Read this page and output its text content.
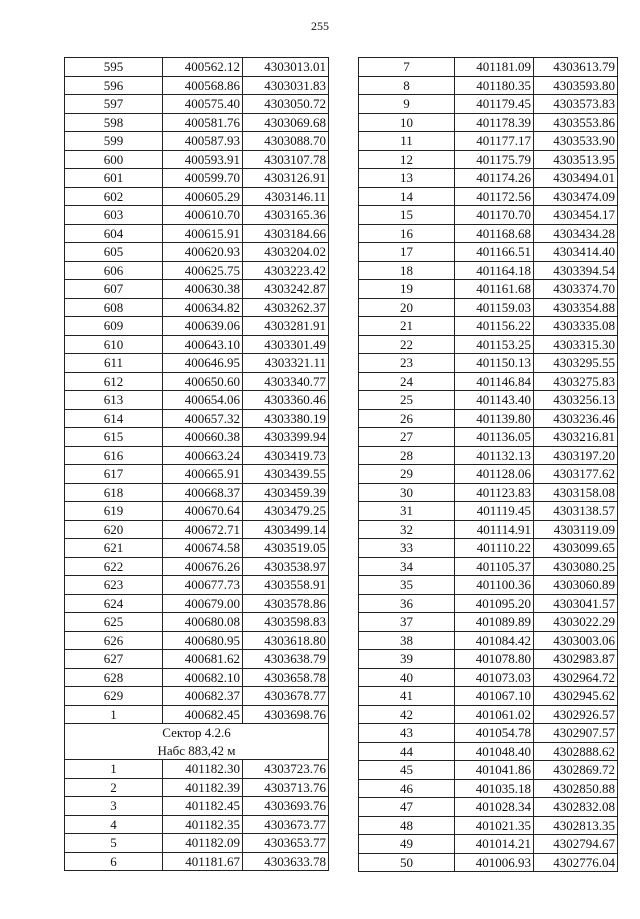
255
595	400562.12	4303013.01
596	400568.86	4303031.83
597	400575.40	4303050.72
598	400581.76	4303069.68
599	400587.93	4303088.70
600	400593.91	4303107.78
601	400599.70	4303126.91
602	400605.29	4303146.11
603	400610.70	4303165.36
604	400615.91	4303184.66
605	400620.93	4303204.02
606	400625.75	4303223.42
607	400630.38	4303242.87
608	400634.82	4303262.37
609	400639.06	4303281.91
610	400643.10	4303301.49
611	400646.95	4303321.11
612	400650.60	4303340.77
613	400654.06	4303360.46
614	400657.32	4303380.19
615	400660.38	4303399.94
616	400663.24	4303419.73
617	400665.91	4303439.55
618	400668.37	4303459.39
619	400670.64	4303479.25
620	400672.71	4303499.14
621	400674.58	4303519.05
622	400676.26	4303538.97
623	400677.73	4303558.91
624	400679.00	4303578.86
625	400680.08	4303598.83
626	400680.95	4303618.80
627	400681.62	4303638.79
628	400682.10	4303658.78
629	400682.37	4303678.77
1	400682.45	4303698.76

Сектор 4.2.6
Набс 883,42 м		

1	401182.30	4303723.76
2	401182.39	4303713.76
3	401182.45	4303693.76
4	401182.35	4303673.77
5	401182.09	4303653.77
6	401181.67	4303633.78
7	401181.09	4303613.79
8	401180.35	4303593.80
9	401179.45	4303573.83
10	401178.39	4303553.86
11	401177.17	4303533.90
12	401175.79	4303513.95
13	401174.26	4303494.01
14	401172.56	4303474.09
15	401170.70	4303454.17
16	401168.68	4303434.28
17	401166.51	4303414.40
18	401164.18	4303394.54
19	401161.68	4303374.70
20	401159.03	4303354.88
21	401156.22	4303335.08
22	401153.25	4303315.30
23	401150.13	4303295.55
24	401146.84	4303275.83
25	401143.40	4303256.13
26	401139.80	4303236.46
27	401136.05	4303216.81
28	401132.13	4303197.20
29	401128.06	4303177.62
30	401123.83	4303158.08
31	401119.45	4303138.57
32	401114.91	4303119.09
33	401110.22	4303099.65
34	401105.37	4303080.25
35	401100.36	4303060.89
36	401095.20	4303041.57
37	401089.89	4303022.29
38	401084.42	4303003.06
39	401078.80	4302983.87
40	401073.03	4302964.72
41	401067.10	4302945.62
42	401061.02	4302926.57
43	401054.78	4302907.57
44	401048.40	4302888.62
45	401041.86	4302869.72
46	401035.18	4302850.88
47	401028.34	4302832.08
48	401021.35	4302813.35
49	401014.21	4302794.67
50	401006.93	4302776.04
